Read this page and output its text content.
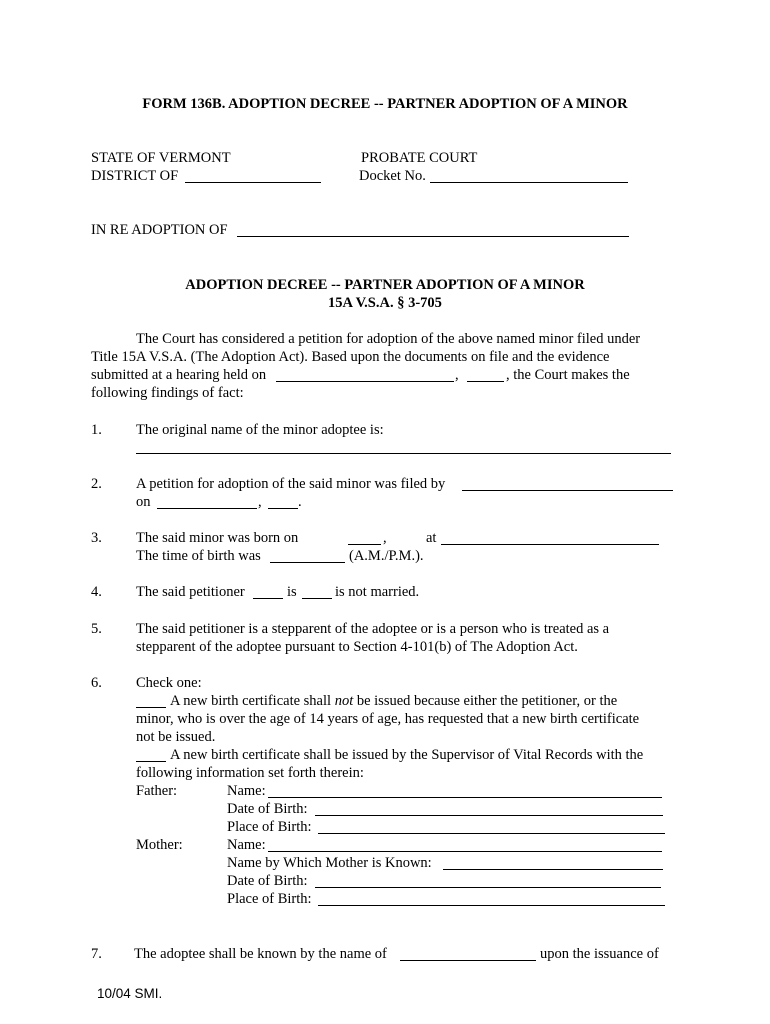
FORM 136B. ADOPTION DECREE -- PARTNER ADOPTION OF A MINOR
STATE OF VERMONT
DISTRICT OF
PROBATE COURT
Docket No.
IN RE ADOPTION OF
ADOPTION DECREE -- PARTNER ADOPTION OF A MINOR
15A V.S.A. § 3-705
The Court has considered a petition for adoption of the above named minor filed under
Title 15A V.S.A. (The Adoption Act). Based upon the documents on file and the evidence
submitted at a hearing held on	,	, the Court makes the
following findings of fact:
1. The original name of the minor adoptee is:
2. A petition for adoption of the said minor was filed by
on	,	.
3. The said minor was born on	,	at
The time of birth was	(A.M./P.M.).
4. The said petitioner	is	is not married.
5. The said petitioner is a stepparent of the adoptee or is a person who is treated as a
stepparent of the adoptee pursuant to Section 4-101(b) of The Adoption Act.
6. Check one:
A new birth certificate shall not be issued because either the petitioner, or the
minor, who is over the age of 14 years of age, has requested that a new birth certificate
not be issued.
A new birth certificate shall be issued by the Supervisor of Vital Records with the
following information set forth therein:
Father:	Name:
Date of Birth:
Place of Birth:
Mother:	Name:
Name by Which Mother is Known:
Date of Birth:
Place of Birth:
7. The adoptee shall be known by the name of	upon the issuance of
10/04 SMI.
